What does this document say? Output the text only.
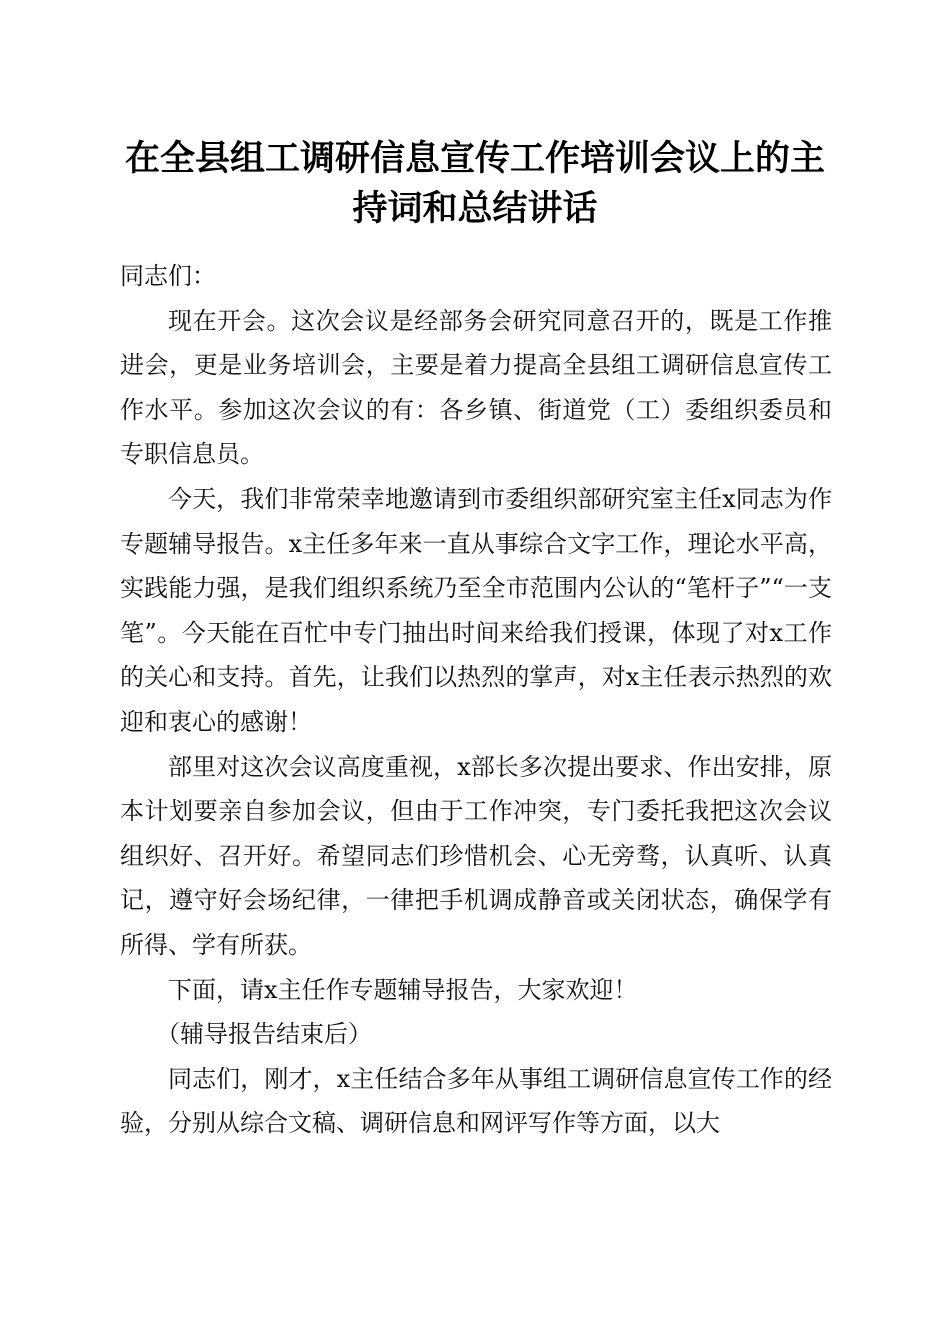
在全县组工调研信息宣传工作培训会议上的主
持词和总结讲话

同志们：

现在开会。这次会议是经部务会研究同意召开的，既是工作推进会，更是业务培训会，主要是着力提高全县组工调研信息宣传工作水平。参加这次会议的有：各乡镇、街道党（工）委组织委员和专职信息员。

今天，我们非常荣幸地邀请到市委组织部研究室主任x同志为作专题辅导报告。x主任多年来一直从事综合文字工作，理论水平高，实践能力强，是我们组织系统乃至全市范围内公认的“笔杆子”“一支笔”。今天能在百忙中专门抽出时间来给我们授课，体现了对x工作的关心和支持。首先，让我们以热烈的掌声，对x主任表示热烈的欢迎和衷心的感谢！

部里对这次会议高度重视，x部长多次提出要求、作出安排，原本计划要亲自参加会议，但由于工作冲突，专门委托我把这次会议组织好、召开好。希望同志们珍惜机会、心无旁骛，认真听、认真记，遵守好会场纪律，一律把手机调成静音或关闭状态，确保学有所得、学有所获。

下面，请x主任作专题辅导报告，大家欢迎！

（辅导报告结束后）

同志们，刚才，x主任结合多年从事组工调研信息宣传工作的经验，分别从综合文稿、调研信息和网评写作等方面，以大
